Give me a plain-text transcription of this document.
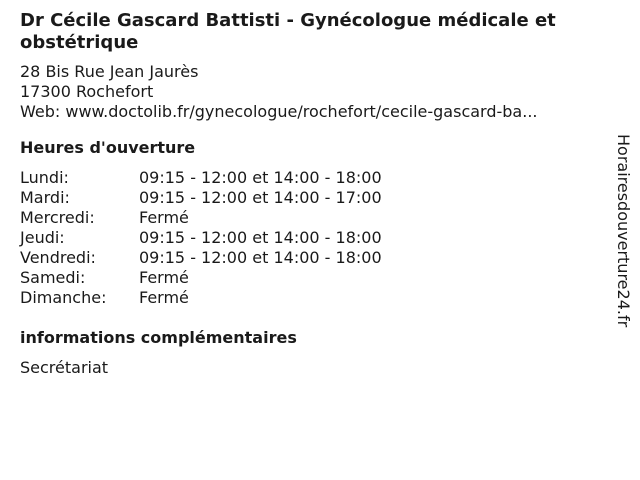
Dr Cécile Gascard Battisti - Gynécologue médicale et
obstétrique
28 Bis Rue Jean Jaurès
17300 Rochefort
Web: www.doctolib.fr/gynecologue/rochefort/cecile-gascard-ba...
Heures d'ouverture
Lundi:	09:15 - 12:00 et 14:00 - 18:00
Mardi:	09:15 - 12:00 et 14:00 - 17:00
Mercredi:	Fermé
Jeudi:	09:15 - 12:00 et 14:00 - 18:00
Vendredi:	09:15 - 12:00 et 14:00 - 18:00
Samedi:	Fermé
Dimanche:	Fermé
informations complémentaires
Secrétariat
Horairesdouverture24.fr
